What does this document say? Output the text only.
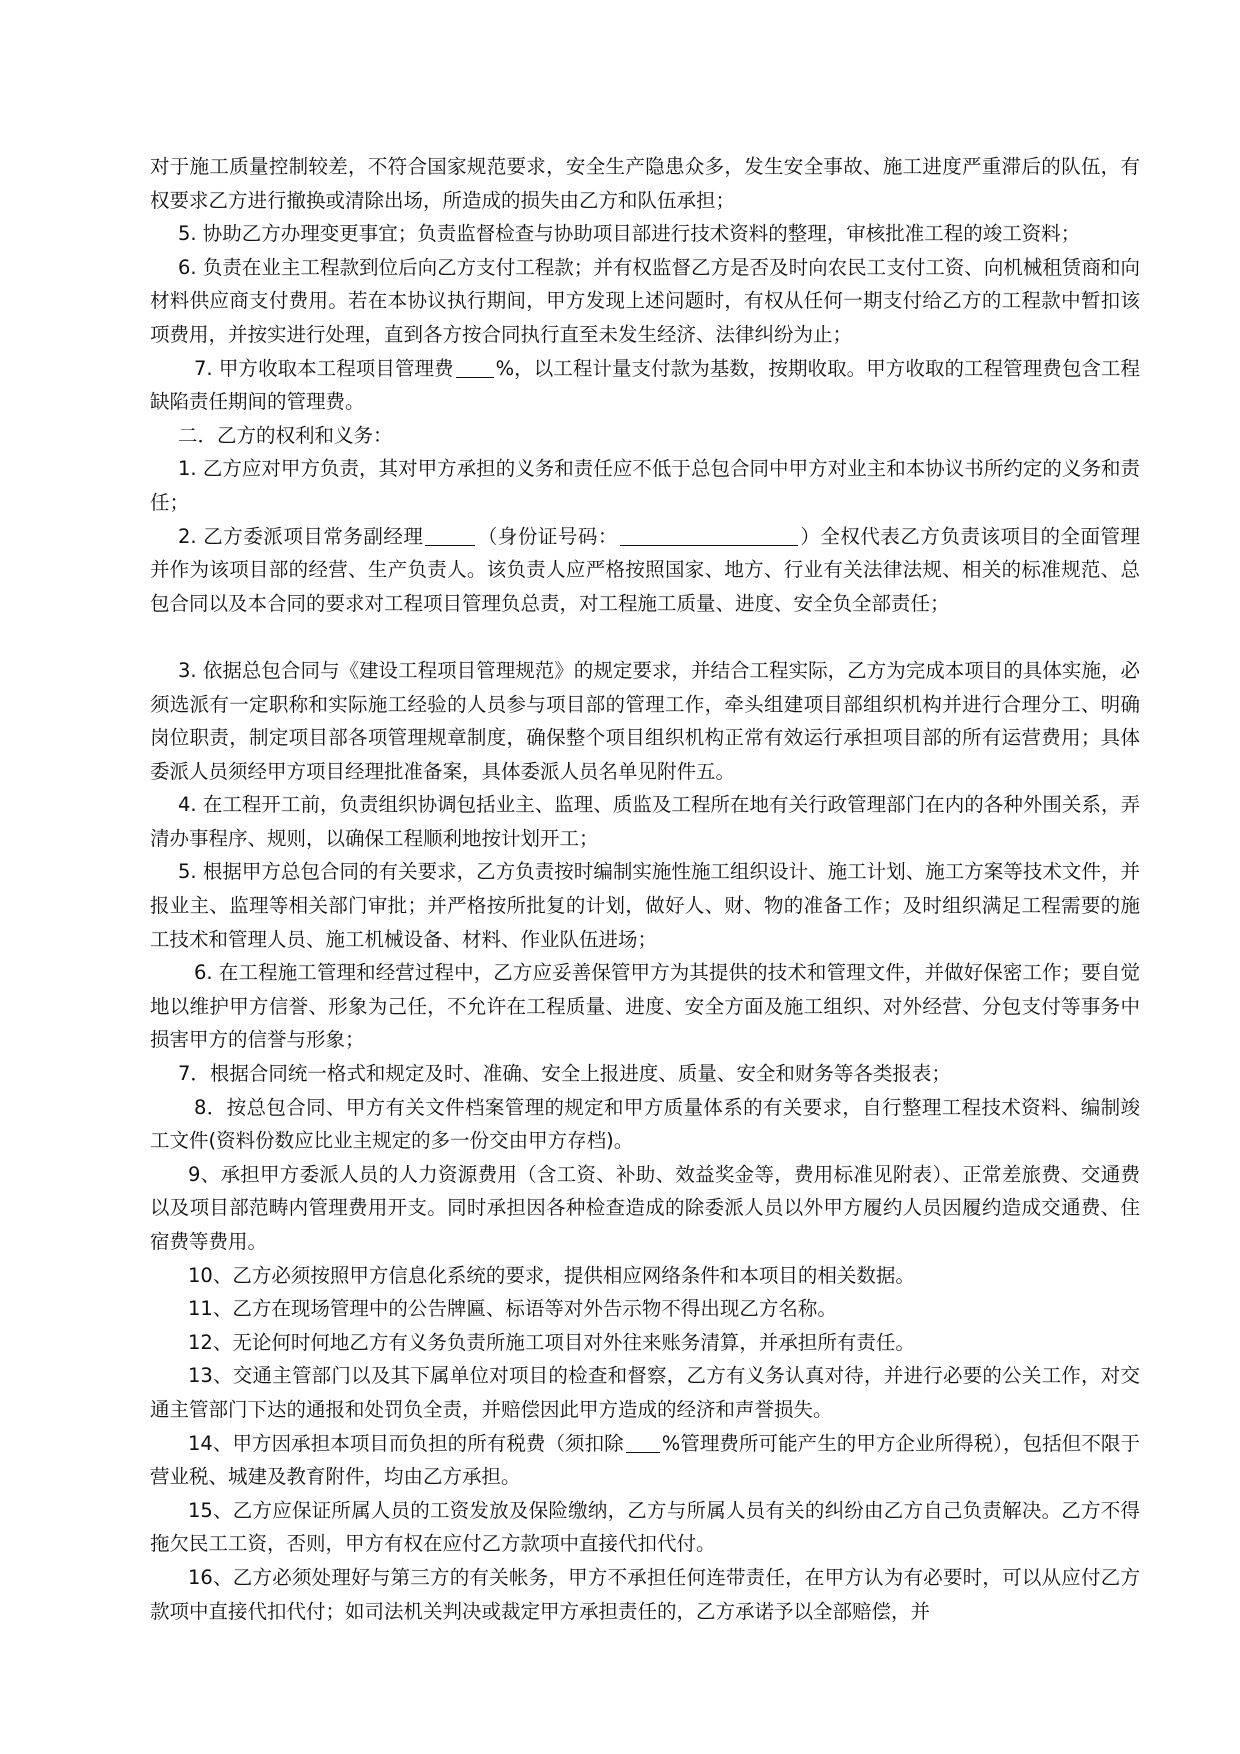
对于施工质量控制较差，不符合国家规范要求，安全生产隐患众多，发生安全事故、施工进度严重滞后的队伍，有权要求乙方进行撤换或清除出场，所造成的损失由乙方和队伍承担；

5. 协助乙方办理变更事宜；负责监督检查与协助项目部进行技术资料的整理，审核批准工程的竣工资料；

6. 负责在业主工程款到位后向乙方支付工程款；并有权监督乙方是否及时向农民工支付工资、向机械租赁商和向材料供应商支付费用。若在本协议执行期间，甲方发现上述问题时，有权从任何一期支付给乙方的工程款中暂扣该项费用，并按实进行处理，直到各方按合同执行直至未发生经济、法律纠纷为止；

7. 甲方收取本工程项目管理费 %，以工程计量支付款为基数，按期收取。甲方收取的工程管理费包含工程缺陷责任期间的管理费。

二．乙方的权利和义务：

1. 乙方应对甲方负责，其对甲方承担的义务和责任应不低于总包合同中甲方对业主和本协议书所约定的义务和责任；

2. 乙方委派项目常务副经理	（身份证号码：	）全权代表乙方负责该项目的全面管理并作为该项目部的经营、生产负责人。该负责人应严格按照国家、地方、行业有关法律法规、相关的标准规范、总包合同以及本合同的要求对工程项目管理负总责，对工程施工质量、进度、安全负全部责任；

3. 依据总包合同与《建设工程项目管理规范》的规定要求，并结合工程实际，乙方为完成本项目的具体实施，必须选派有一定职称和实际施工经验的人员参与项目部的管理工作，牵头组建项目部组织机构并进行合理分工、明确岗位职责，制定项目部各项管理规章制度，确保整个项目组织机构正常有效运行承担项目部的所有运营费用；具体委派人员须经甲方项目经理批准备案，具体委派人员名单见附件五。

4. 在工程开工前，负责组织协调包括业主、监理、质监及工程所在地有关行政管理部门在内的各种外围关系，弄清办事程序、规则，以确保工程顺利地按计划开工；

5. 根据甲方总包合同的有关要求，乙方负责按时编制实施性施工组织设计、施工计划、施工方案等技术文件，并报业主、监理等相关部门审批；并严格按所批复的计划，做好人、财、物的准备工作；及时组织满足工程需要的施工技术和管理人员、施工机械设备、材料、作业队伍进场；

6. 在工程施工管理和经营过程中，乙方应妥善保管甲方为其提供的技术和管理文件，并做好保密工作；要自觉地以维护甲方信誉、形象为己任，不允许在工程质量、进度、安全方面及施工组织、对外经营、分包支付等事务中损害甲方的信誉与形象；

7．根据合同统一格式和规定及时、准确、安全上报进度、质量、安全和财务等各类报表；

8．按总包合同、甲方有关文件档案管理的规定和甲方质量体系的有关要求，自行整理工程技术资料、编制竣工文件(资料份数应比业主规定的多一份交由甲方存档)。

9、承担甲方委派人员的人力资源费用（含工资、补助、效益奖金等，费用标准见附表）、正常差旅费、交通费以及项目部范畴内管理费用开支。同时承担因各种检查造成的除委派人员以外甲方履约人员因履约造成交通费、住宿费等费用。

10、乙方必须按照甲方信息化系统的要求，提供相应网络条件和本项目的相关数据。

11、乙方在现场管理中的公告牌匾、标语等对外告示物不得出现乙方名称。

12、无论何时何地乙方有义务负责所施工项目对外往来账务清算，并承担所有责任。

13、交通主管部门以及其下属单位对项目的检查和督察，乙方有义务认真对待，并进行必要的公关工作，对交通主管部门下达的通报和处罚负全责，并赔偿因此甲方造成的经济和声誉损失。

14、甲方因承担本项目而负担的所有税费（须扣除 %管理费所可能产生的甲方企业所得税），包括但不限于营业税、城建及教育附件，均由乙方承担。

15、乙方应保证所属人员的工资发放及保险缴纳，乙方与所属人员有关的纠纷由乙方自己负责解决。乙方不得拖欠民工工资，否则，甲方有权在应付乙方款项中直接代扣代付。

16、乙方必须处理好与第三方的有关帐务，甲方不承担任何连带责任，在甲方认为有必要时，可以从应付乙方款项中直接代扣代付；如司法机关判决或裁定甲方承担责任的，乙方承诺予以全部赔偿，并
